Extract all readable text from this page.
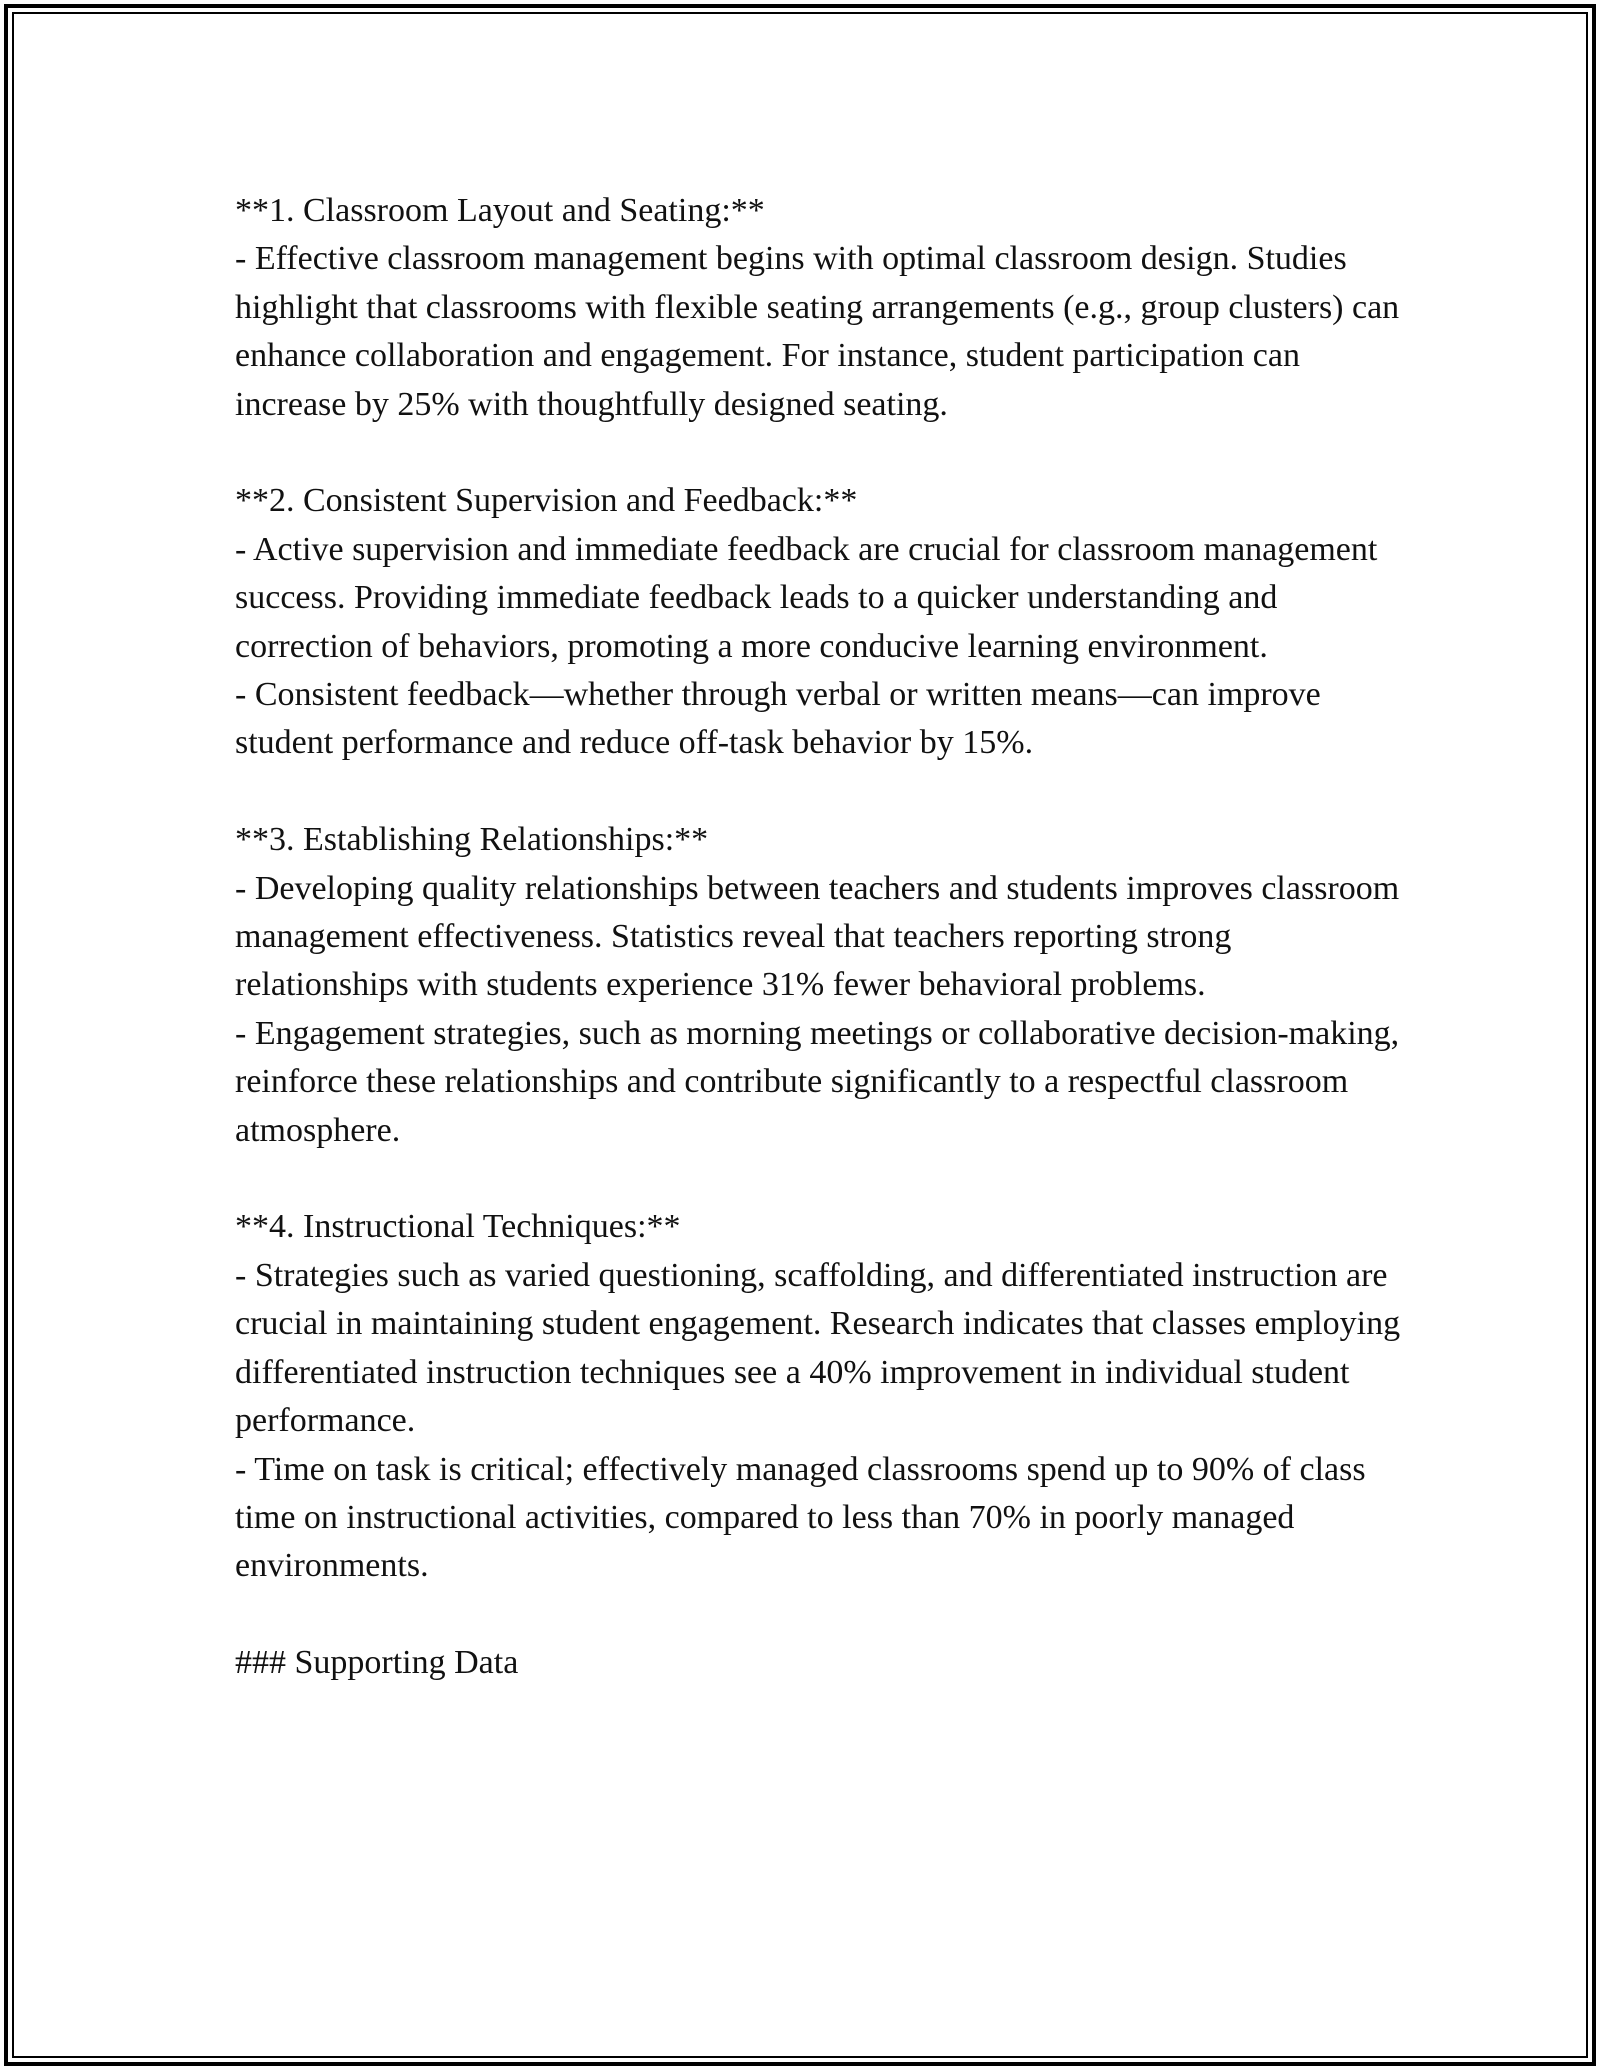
**1. Classroom Layout and Seating:**

- Effective classroom management begins with optimal classroom design. Studies highlight that classrooms with flexible seating arrangements (e.g., group clusters) can enhance collaboration and engagement. For instance, student participation can increase by 25% with thoughtfully designed seating.

**2. Consistent Supervision and Feedback:**

- Active supervision and immediate feedback are crucial for classroom management success. Providing immediate feedback leads to a quicker understanding and correction of behaviors, promoting a more conducive learning environment.

- Consistent feedback—whether through verbal or written means—can improve student performance and reduce off-task behavior by 15%.

**3. Establishing Relationships:**

- Developing quality relationships between teachers and students improves classroom management effectiveness. Statistics reveal that teachers reporting strong relationships with students experience 31% fewer behavioral problems.

- Engagement strategies, such as morning meetings or collaborative decision-making, reinforce these relationships and contribute significantly to a respectful classroom atmosphere.

**4. Instructional Techniques:**

- Strategies such as varied questioning, scaffolding, and differentiated instruction are crucial in maintaining student engagement. Research indicates that classes employing differentiated instruction techniques see a 40% improvement in individual student performance.

- Time on task is critical; effectively managed classrooms spend up to 90% of class time on instructional activities, compared to less than 70% in poorly managed environments.

### Supporting Data
